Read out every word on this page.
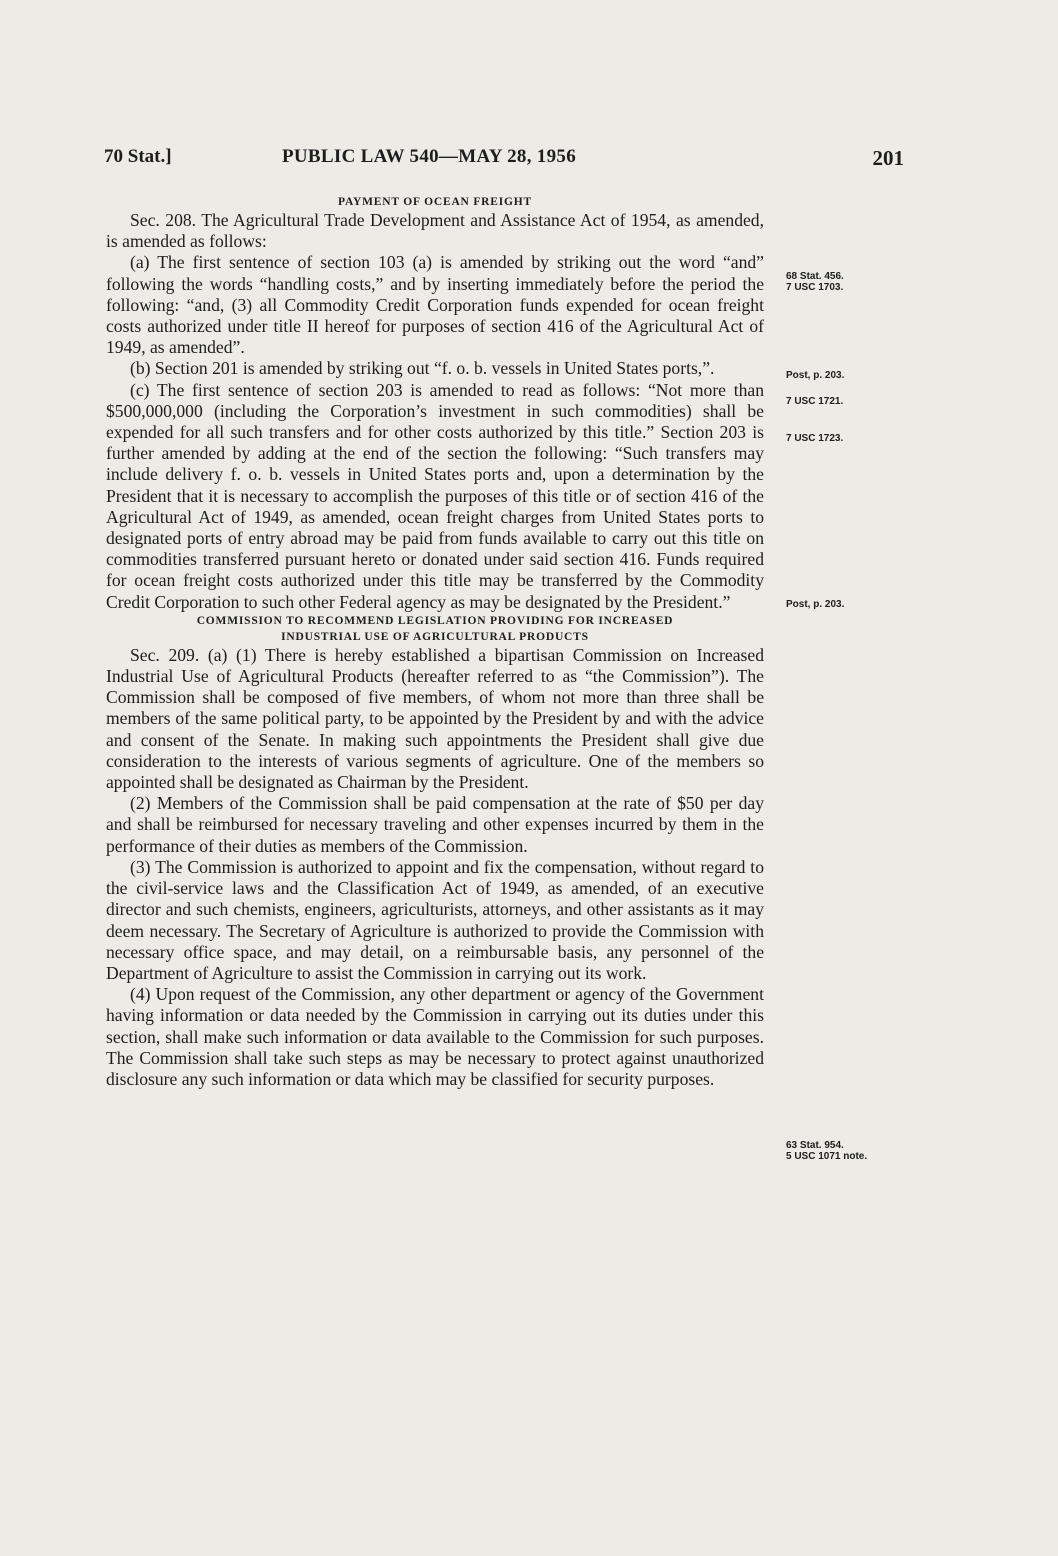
70 Stat.]	PUBLIC LAW 540—MAY 28, 1956	201

PAYMENT OF OCEAN FREIGHT

Sec. 208. The Agricultural Trade Development and Assistance Act of 1954, as amended, is amended as follows:

(a) The first sentence of section 103 (a) is amended by striking out the word “and” following the words “handling costs,” and by inserting immediately before the period the following: “and, (3) all Commodity Credit Corporation funds expended for ocean freight costs authorized under title II hereof for purposes of section 416 of the Agricultural Act of 1949, as amended”.

(b) Section 201 is amended by striking out “f. o. b. vessels in United States ports,”.

(c) The first sentence of section 203 is amended to read as follows: “Not more than $500,000,000 (including the Corporation’s investment in such commodities) shall be expended for all such transfers and for other costs authorized by this title.” Section 203 is further amended by adding at the end of the section the following: “Such transfers may include delivery f. o. b. vessels in United States ports and, upon a determination by the President that it is necessary to accomplish the purposes of this title or of section 416 of the Agricultural Act of 1949, as amended, ocean freight charges from United States ports to designated ports of entry abroad may be paid from funds available to carry out this title on commodities transferred pursuant hereto or donated under said section 416. Funds required for ocean freight costs authorized under this title may be transferred by the Commodity Credit Corporation to such other Federal agency as may be designated by the President.”

COMMISSION TO RECOMMEND LEGISLATION PROVIDING FOR INCREASED
INDUSTRIAL USE OF AGRICULTURAL PRODUCTS

Sec. 209. (a) (1) There is hereby established a bipartisan Commission on Increased Industrial Use of Agricultural Products (hereafter referred to as “the Commission”). The Commission shall be composed of five members, of whom not more than three shall be members of the same political party, to be appointed by the President by and with the advice and consent of the Senate. In making such appointments the President shall give due consideration to the interests of various segments of agriculture. One of the members so appointed shall be designated as Chairman by the President.

(2) Members of the Commission shall be paid compensation at the rate of $50 per day and shall be reimbursed for necessary traveling and other expenses incurred by them in the performance of their duties as members of the Commission.

(3) The Commission is authorized to appoint and fix the compensation, without regard to the civil-service laws and the Classification Act of 1949, as amended, of an executive director and such chemists, engineers, agriculturists, attorneys, and other assistants as it may deem necessary. The Secretary of Agriculture is authorized to provide the Commission with necessary office space, and may detail, on a reimbursable basis, any personnel of the Department of Agriculture to assist the Commission in carrying out its work.

(4) Upon request of the Commission, any other department or agency of the Government having information or data needed by the Commission in carrying out its duties under this section, shall make such information or data available to the Commission for such purposes. The Commission shall take such steps as may be necessary to protect against unauthorized disclosure any such information or data which may be classified for security purposes.

68 Stat. 456.
7 USC 1703.
Post, p. 203.
7 USC 1721.
7 USC 1723.
Post, p. 203.
63 Stat. 954.
5 USC 1071 note.
